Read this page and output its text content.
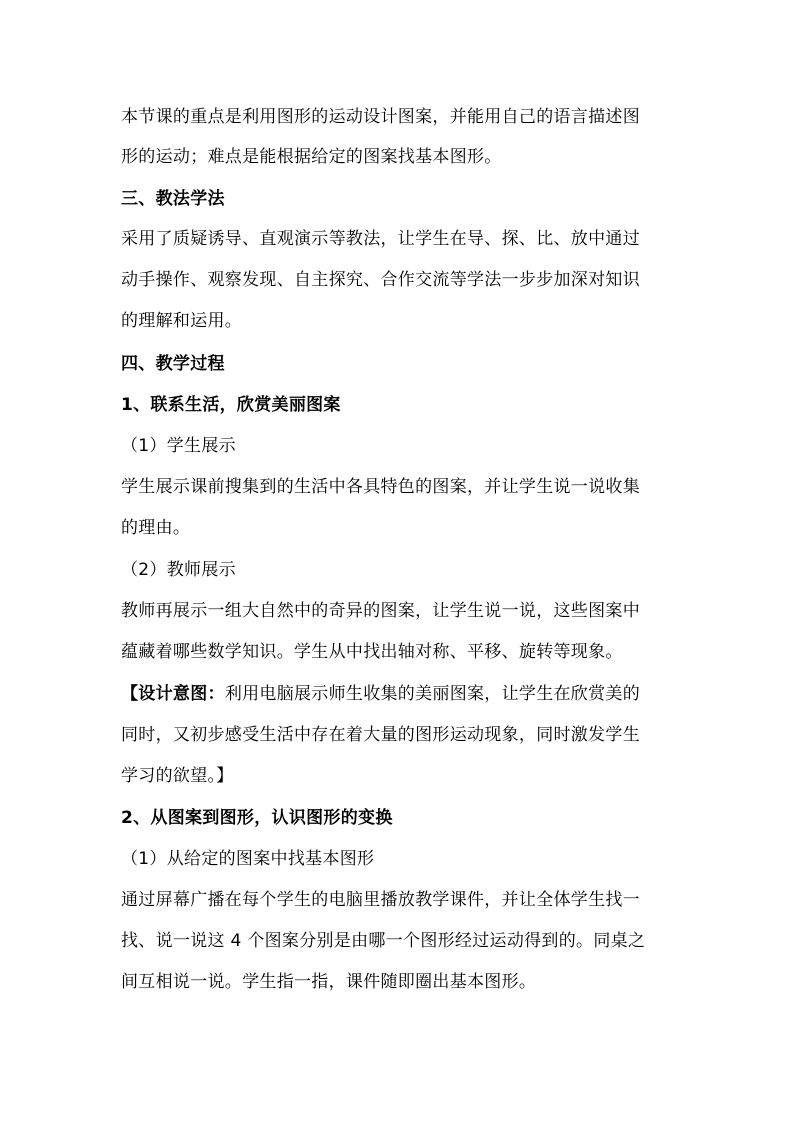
本节课的重点是利用图形的运动设计图案，并能用自己的语言描述图
形的运动；难点是能根据给定的图案找基本图形。
三、教法学法
采用了质疑诱导、直观演示等教法，让学生在导、探、比、放中通过
动手操作、观察发现、自主探究、合作交流等学法一步步加深对知识
的理解和运用。
四、教学过程
1、联系生活，欣赏美丽图案
（1）学生展示
学生展示课前搜集到的生活中各具特色的图案，并让学生说一说收集
的理由。
（2）教师展示
教师再展示一组大自然中的奇异的图案，让学生说一说，这些图案中
蕴藏着哪些数学知识。学生从中找出轴对称、平移、旋转等现象。
【设计意图：利用电脑展示师生收集的美丽图案，让学生在欣赏美的
同时，又初步感受生活中存在着大量的图形运动现象，同时激发学生
学习的欲望。】
2、从图案到图形，认识图形的变换
（1）从给定的图案中找基本图形
通过屏幕广播在每个学生的电脑里播放教学课件，并让全体学生找一
找、说一说这 4 个图案分别是由哪一个图形经过运动得到的。同桌之
间互相说一说。学生指一指，课件随即圈出基本图形。
